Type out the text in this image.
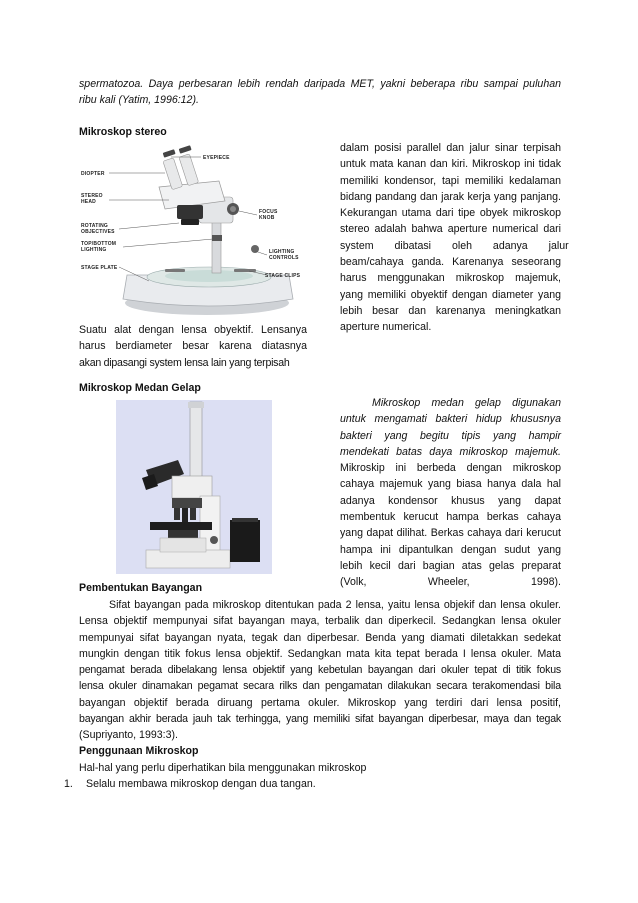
spermatozoa. Daya perbesaran lebih rendah daripada MET, yakni beberapa ribu sampai puluhan
ribu kali (Yatim, 1996:12).
Mikroskop stereo
EYEPIECE
DIOPTER
STEREO
HEAD
FOCUS
KNOB
ROTATING
OBJECTIVES
TOP/BOTTOM
LIGHTING	LIGHTING
CONTROLS
STAGE PLATE
STAGE CLIPS
dalam posisi parallel dan jalur sinar terpisah
untuk mata kanan dan kiri. Mikroskop ini tidak
memiliki kondensor, tapi memiliki kedalaman
bidang pandang dan jarak kerja yang panjang.
Kekurangan utama dari tipe obyek mikroskop
stereo adalah bahwa aperture numerical dari
system dibatasi oleh adanya jalur
beam/cahaya ganda. Karenanya seseorang
harus menggunakan mikroskop majemuk,
yang memiliki obyektif dengan diameter yang
lebih besar dan karenanya meningkatkan
aperture numerical.
Suatu alat dengan lensa obyektif. Lensanya
harus berdiameter besar karena diatasnya
akan dipasangi system lensa lain yang terpisah
Mikroskop Medan Gelap
Mikroskop medan gelap digunakan
untuk mengamati bakteri hidup khususnya
bakteri yang begitu tipis yang hampir
mendekati batas daya mikroskop majemuk.
Mikroskip ini berbeda dengan mikroskop
cahaya majemuk yang biasa hanya dala hal
adanya kondensor khusus yang dapat
membentuk kerucut hampa berkas cahaya
yang dapat dilihat. Berkas cahaya dari kerucut
hampa ini dipantulkan dengan sudut yang
lebih kecil dari bagian atas gelas preparat
(Volk, Wheeler, 1998).
Pembentukan Bayangan
Sifat bayangan pada mikroskop ditentukan pada 2 lensa, yaitu lensa objekif dan lensa okuler.
Lensa objektif mempunyai sifat bayangan maya, terbalik dan diperkecil. Sedangkan lensa okuler
mempunyai sifat bayangan nyata, tegak dan diperbesar. Benda yang diamati diletakkan sedekat
mungkin dengan titik fokus lensa objektif. Sedangkan mata kita tepat berada I lensa okuler. Mata
pengamat berada dibelakang lensa objektif yang kebetulan bayangan dari okuler tepat di titik fokus
lensa okuler dinamakan pegamat secara rilks dan pengamatan dilakukan secara terakomendasi bila
bayangan objektif berada diruang pertama okuler. Mikroskop yang terdiri dari lensa positif,
bayangan akhir berada jauh tak terhingga, yang memiliki sifat bayangan diperbesar, maya dan tegak
(Supriyanto, 1993:3).
Penggunaan Mikroskop
Hal-hal yang perlu diperhatikan bila menggunakan mikroskop
1. Selalu membawa mikroskop dengan dua tangan.
